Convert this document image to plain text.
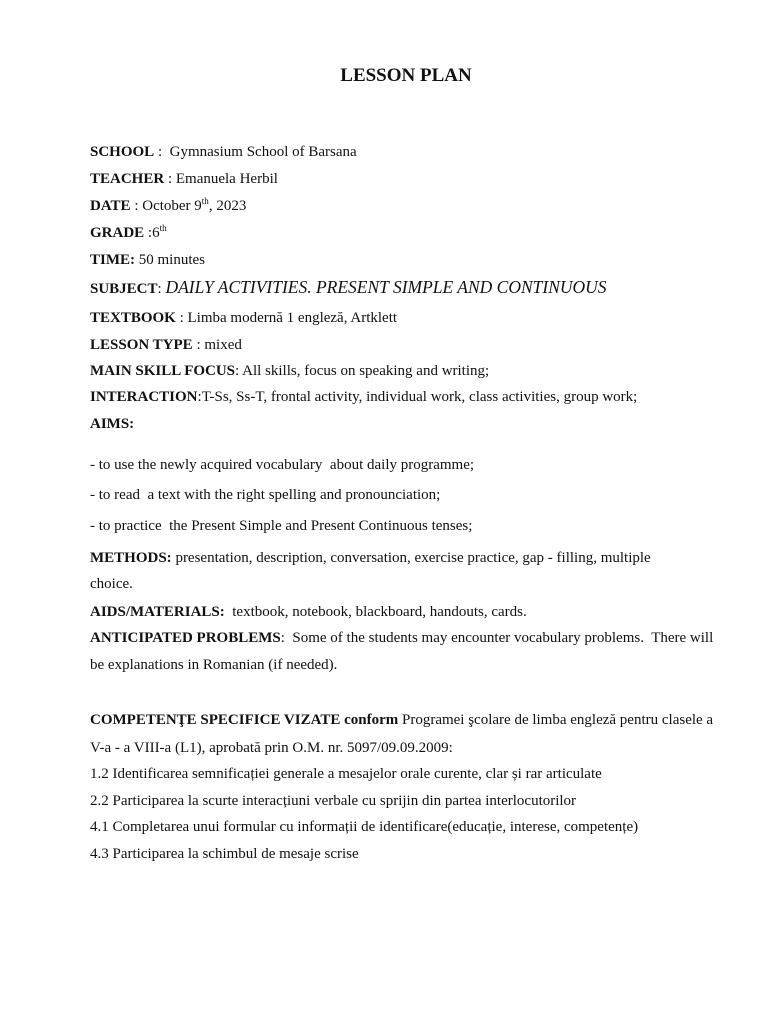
LESSON PLAN
SCHOOL :  Gymnasium School of Barsana
TEACHER : Emanuela Herbil
DATE : October 9th, 2023
GRADE :6th
TIME: 50 minutes
SUBJECT: DAILY ACTIVITIES. PRESENT SIMPLE AND CONTINUOUS
TEXTBOOK : Limba modernă 1 engleză, Artklett
LESSON TYPE : mixed
MAIN SKILL FOCUS: All skills, focus on speaking and writing;
INTERACTION:T-Ss, Ss-T, frontal activity, individual work, class activities, group work;
AIMS:
- to use the newly acquired vocabulary  about daily programme;
- to read  a text with the right spelling and pronounciation;
- to practice  the Present Simple and Present Continuous tenses;
METHODS: presentation, description, conversation, exercise practice, gap - filling, multiple choice.
AIDS/MATERIALS:  textbook, notebook, blackboard, handouts, cards.
ANTICIPATED PROBLEMS:  Some of the students may encounter vocabulary problems.  There will be explanations in Romanian (if needed).
COMPETENŢE SPECIFICE VIZATE conform Programei şcolare de limba engleză pentru clasele a V-a - a VIII-a (L1), aprobată prin O.M. nr. 5097/09.09.2009:
1.2 Identificarea semnificației generale a mesajelor orale curente, clar și rar articulate
2.2 Participarea la scurte interacțiuni verbale cu sprijin din partea interlocutorilor
4.1 Completarea unui formular cu informații de identificare(educație, interese, competențe)
4.3 Participarea la schimbul de mesaje scrise
